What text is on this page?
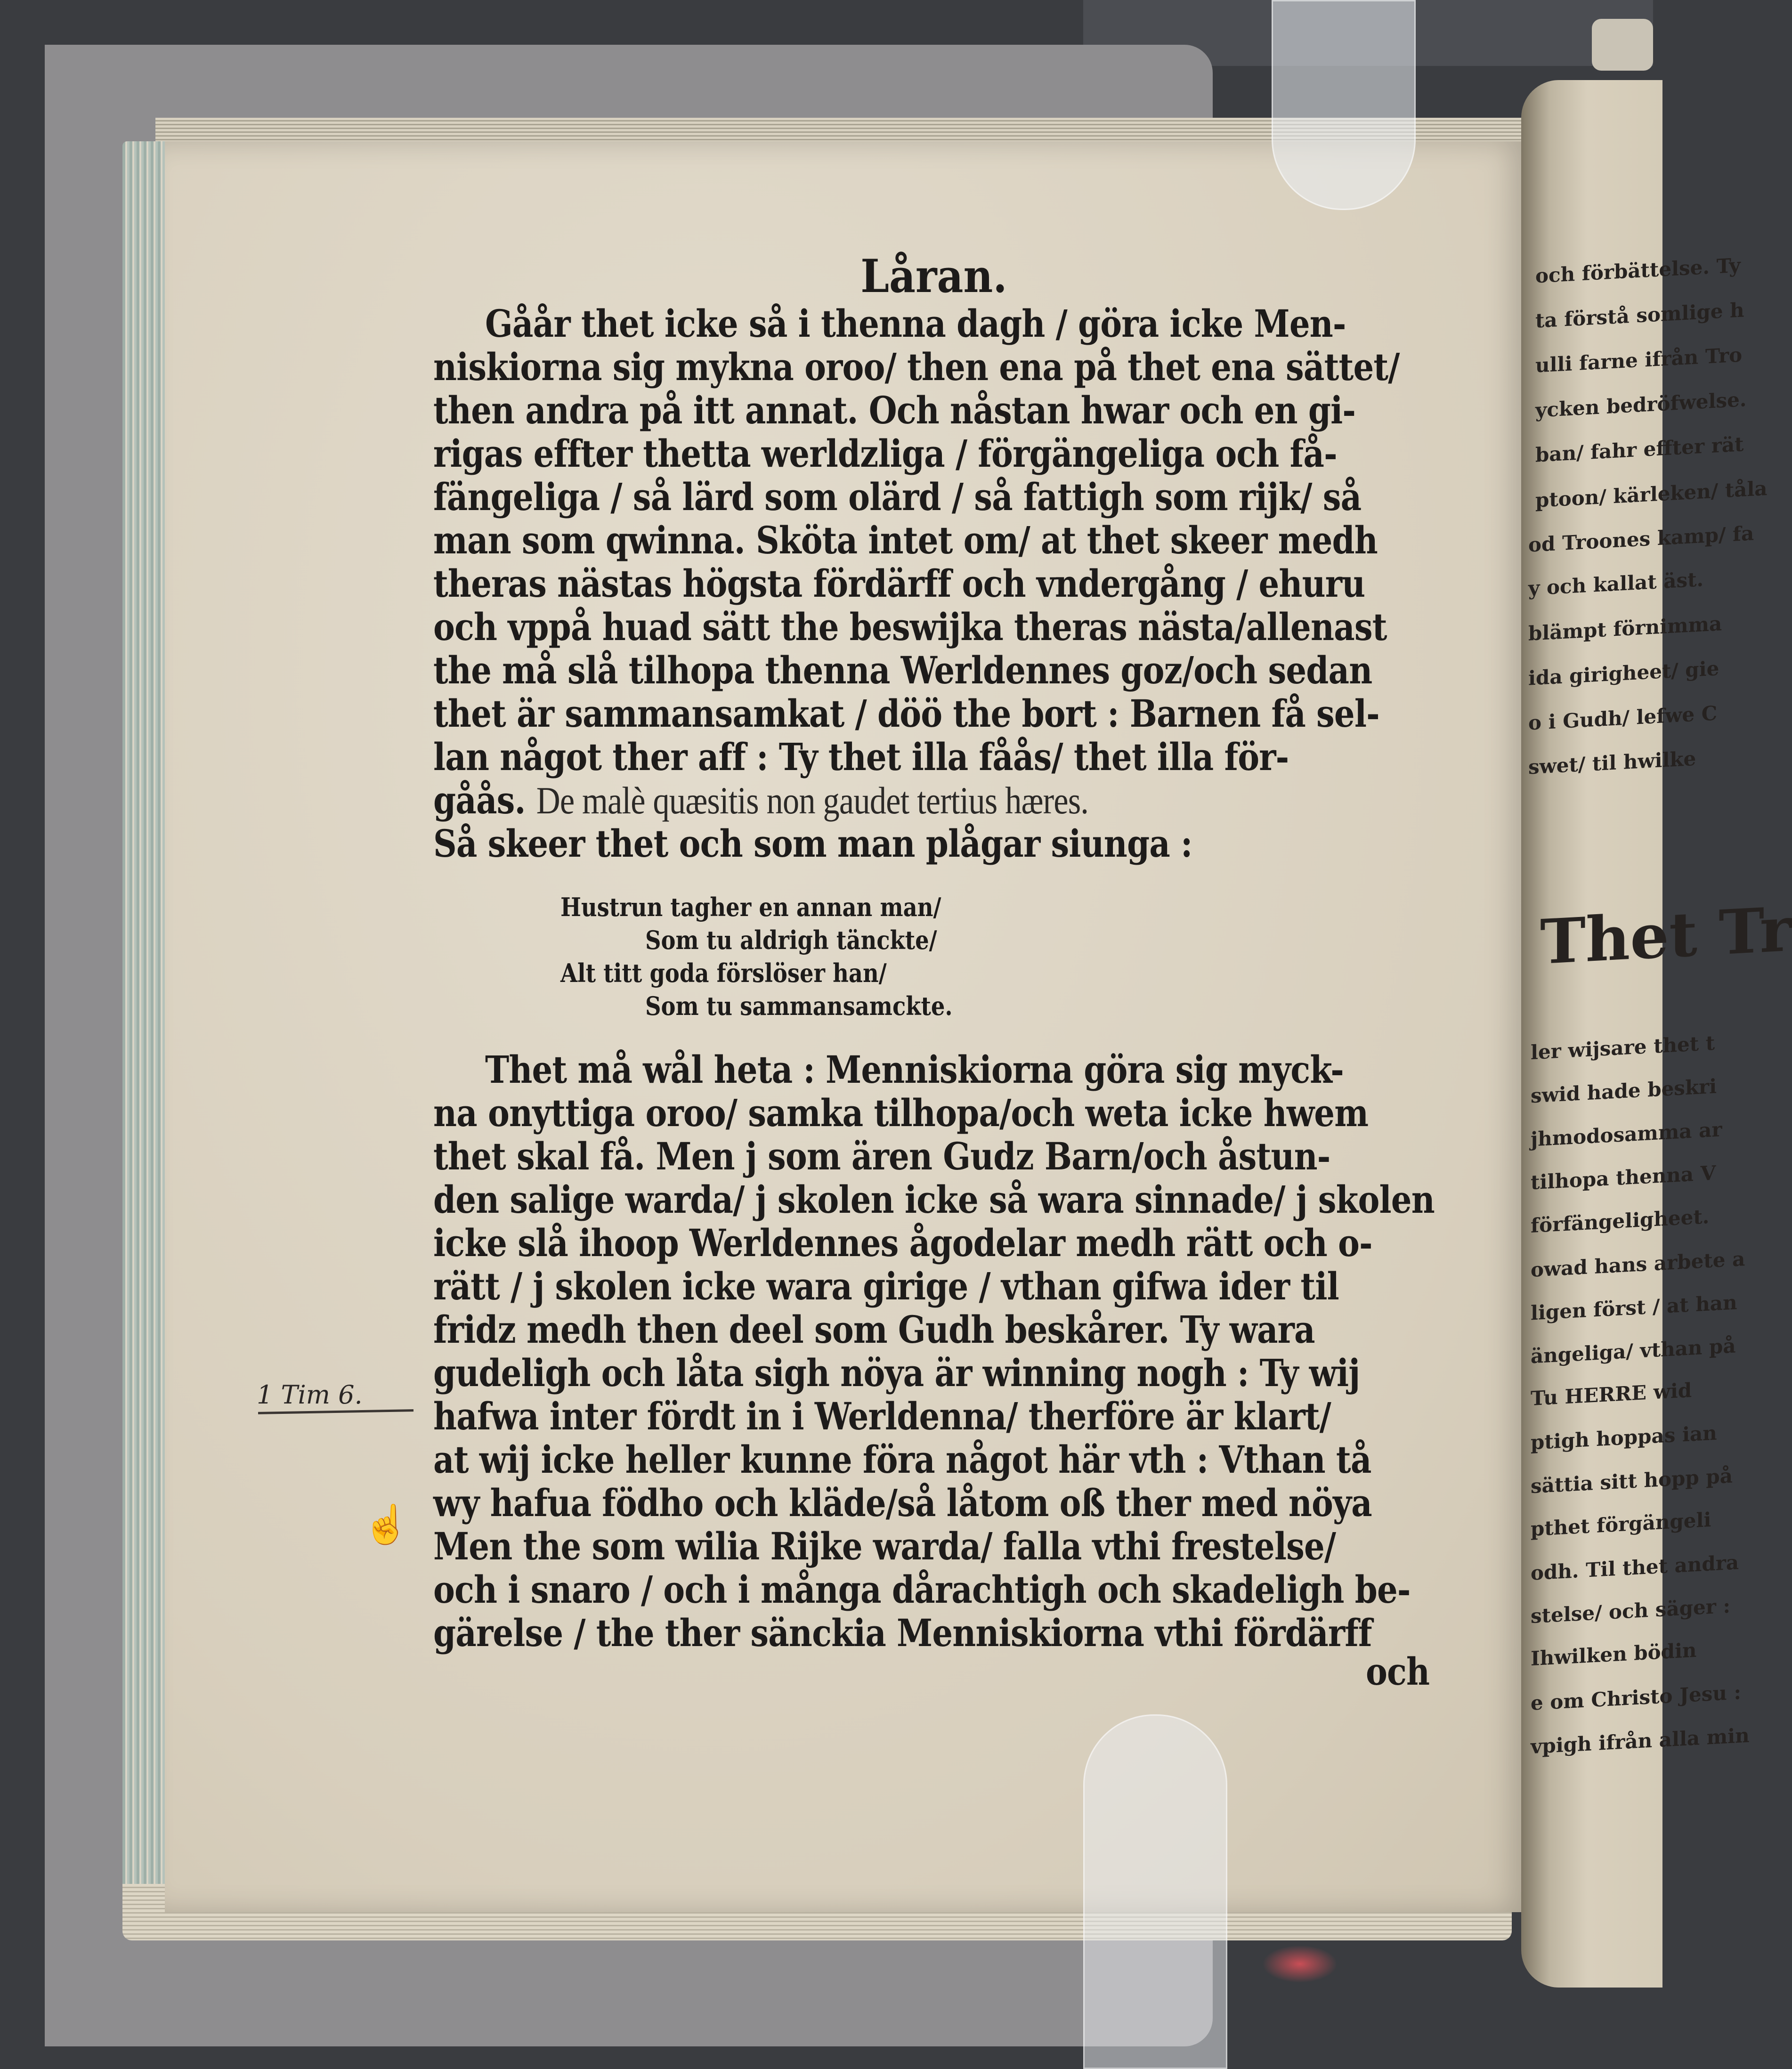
och förbättelse. Ty
ta förstå somlige h
ulli farne ifrån Tro
ycken bedröfwelse.
ban/ fahr effter rät
ptoon/ kärleken/ tåla
od Troones kamp/ fa
y och kallat äst.
blämpt förnimma
ida girigheet/ gie
o i Gudh/ lefwe C
swet/ til hwilke
Thet Tr
ler wijsare thet t
swid hade beskri
jhmodosamma ar
tilhopa thenna V
förfängeligheet.
owad hans arbete a
ligen först / at han
ängeliga/ vthan på
Tu HERRE wid
ptigh hoppas ian
sättia sitt hopp på
pthet förgängeli
odh. Til thet andra
stelse/ och säger :
Ihwilken bödin
e om Christo Jesu :
vpigh ifrån alla min
Låran.
Gåår thet icke så i thenna dagh / göra icke Men-
niskiorna sig mykna oroo/ then ena på thet ena sättet/
then andra på itt annat. Och nåstan hwar och en gi-
rigas effter thetta werldzliga / förgängeliga och få-
fängeliga / så lärd som olärd / så fattigh som rijk/ så
man som qwinna. Sköta intet om/ at thet skeer medh
theras nästas högsta fördärff och vndergång / ehuru
och vppå huad sätt the beswijka theras nästa/allenast
the må slå tilhopa thenna Werldennes goz/och sedan
thet är sammansamkat / döö the bort : Barnen få sel-
lan något ther aff : Ty thet illa fåås/ thet illa för-
gåås. De malè quæsitis non gaudet tertius hæres.
Så skeer thet och som man plågar siunga :
Hustrun tagher en annan man/
Som tu aldrigh tänckte/
Alt titt goda förslöser han/
Som tu sammansamckte.
Thet må wål heta : Menniskiorna göra sig myck-
na onyttiga oroo/ samka tilhopa/och weta icke hwem
thet skal få. Men j som ären Gudz Barn/och åstun-
den salige warda/ j skolen icke så wara sinnade/ j skolen
icke slå ihoop Werldennes ågodelar medh rätt och o-
rätt / j skolen icke wara girige / vthan gifwa ider til
fridz medh then deel som Gudh beskårer. Ty wara
gudeligh och låta sigh nöya är winning nogh : Ty wij
hafwa inter fördt in i Werldenna/ therföre är klart/
at wij icke heller kunne föra något här vth : Vthan tå
wy hafua födho och kläde/så låtom oß ther med nöya
Men the som wilia Rijke warda/ falla vthi frestelse/
och i snaro / och i många dårachtigh och skadeligh be-
gärelse / the ther sänckia Menniskiorna vthi fördärff
och
1 Tim 6.
☝
